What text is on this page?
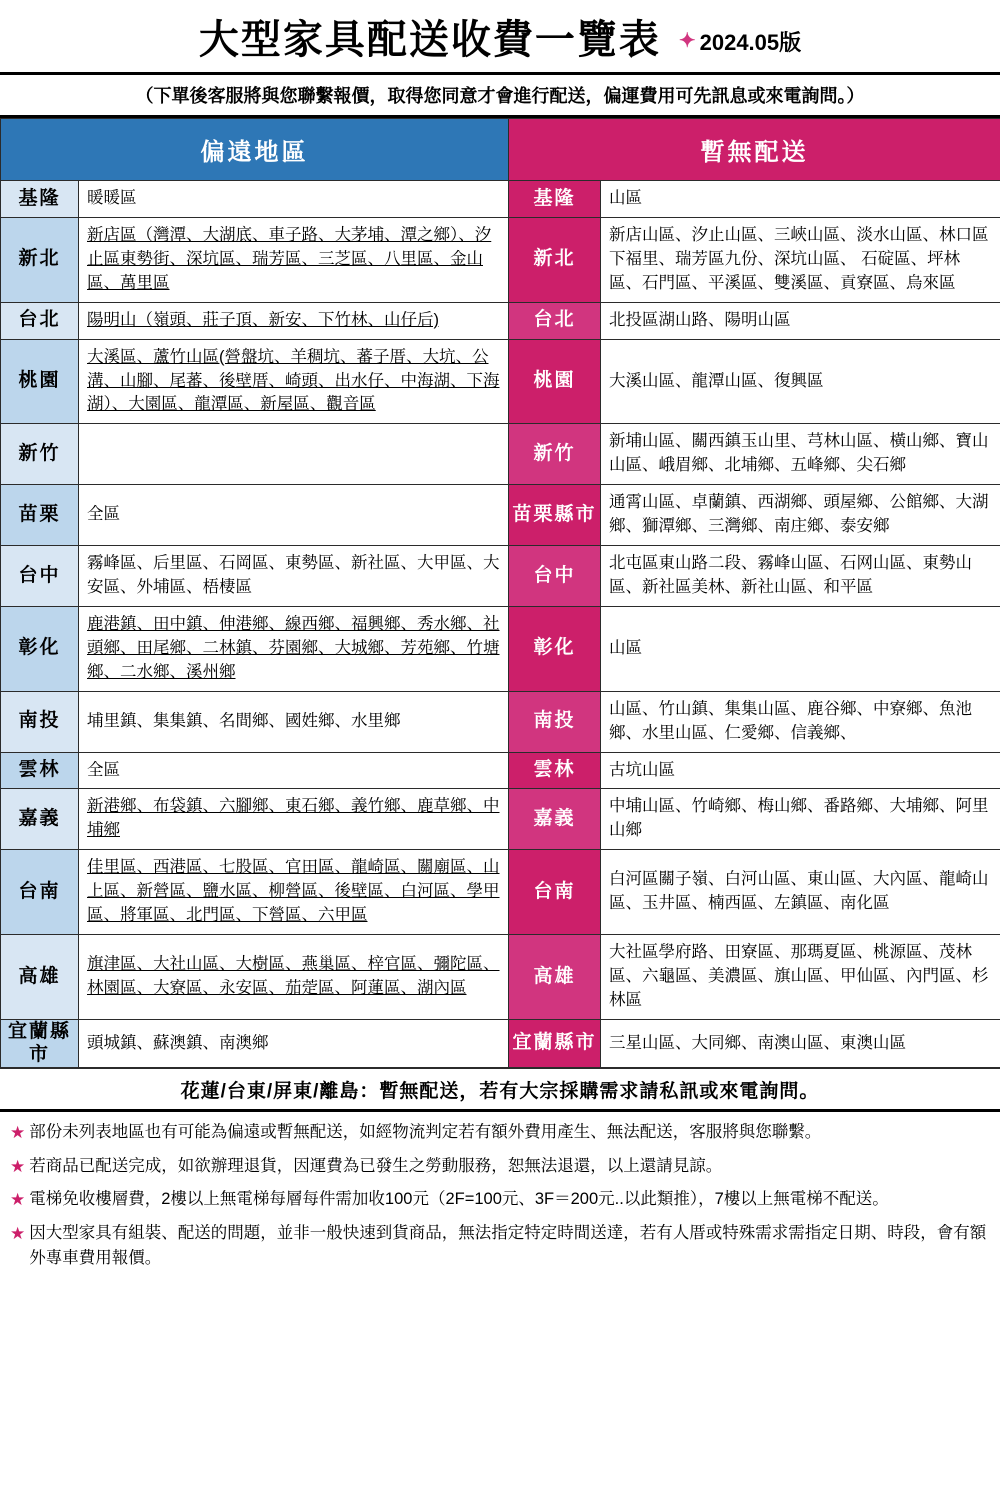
大型家具配送收費一覽表 ✦ 2024.05版
（下單後客服將與您聯繫報價，取得您同意才會進行配送，偏運費用可先訊息或來電詢問。）
偏遠地區		暫無配送	
基隆	暖暖區	基隆	山區
新北	新店區（灣潭、大湖底、車子路、大茅埔、潭之鄉）、汐止區東勢街、深坑區、瑞芳區、三芝區、八里區、金山區、萬里區	新北	新店山區、汐止山區、三峽山區、淡水山區、林口區下福里、瑞芳區九份、深坑山區、 石碇區、坪林區、石門區、平溪區、雙溪區、貢寮區、烏來區
台北	陽明山（嶺頭、莊子頂、新安、下竹林、山仔后)	台北	北投區湖山路、陽明山區
桃園	大溪區、蘆竹山區(營盤坑、羊稠坑、蕃子厝、大坑、公溝、山腳、尾蕃、後壁厝、崎頭、出水仔、中海湖、下海湖）、大園區、龍潭區、新屋區、觀音區	桃園	大溪山區、龍潭山區、復興區
新竹		新竹	新埔山區、關西鎮玉山里、芎林山區、橫山鄉、寶山山區、峨眉鄉、北埔鄉、五峰鄉、尖石鄉
苗栗	全區	苗栗縣市	通霄山區、卓蘭鎮、西湖鄉、頭屋鄉、公館鄉、大湖鄉、獅潭鄉、三灣鄉、南庄鄉、泰安鄉
台中	霧峰區、后里區、石岡區、東勢區、新社區、大甲區、大安區、外埔區、梧棲區	台中	北屯區東山路二段、霧峰山區、石网山區、東勢山區、新社區美林、新社山區、和平區
彰化	鹿港鎮、田中鎮、伸港鄉、線西鄉、福興鄉、秀水鄉、社頭鄉、田尾鄉、二林鎮、芬園鄉、大城鄉、芳苑鄉、竹塘鄉、二水鄉、溪州鄉	彰化	山區
南投	埔里鎮、集集鎮、名間鄉、國姓鄉、水里鄉	南投	山區、竹山鎮、集集山區、鹿谷鄉、中寮鄉、魚池鄉、水里山區、仁愛鄉、信義鄉、
雲林	全區	雲林	古坑山區
嘉義	新港鄉、布袋鎮、六腳鄉、東石鄉、義竹鄉、鹿草鄉、中埔鄉	嘉義	中埔山區、竹崎鄉、梅山鄉、番路鄉、大埔鄉、阿里山鄉
台南	佳里區、西港區、七股區、官田區、龍崎區、關廟區、山上區、新營區、鹽水區、柳營區、後壁區、白河區、學甲區、將軍區、北門區、下營區、六甲區	台南	白河區關子嶺、白河山區、東山區、大內區、龍崎山區、玉井區、楠西區、左鎮區、南化區
高雄	旗津區、大社山區、大樹區、燕巢區、梓官區、彌陀區、 林園區、大寮區、永安區、茄萣區、阿蓮區、湖內區	高雄	大社區學府路、田寮區、那瑪夏區、桃源區、茂林區、六龜區、美濃區、旗山區、甲仙區、內門區、杉林區
宜蘭縣市	頭城鎮、蘇澳鎮、南澳鄉	宜蘭縣市	三星山區、大同鄉、南澳山區、東澳山區
花蓮/台東/屏東/離島：暫無配送，若有大宗採購需求請私訊或來電詢問。
★ 部份未列表地區也有可能為偏遠或暫無配送，如經物流判定若有額外費用產生、無法配送，客服將與您聯繫。
★ 若商品已配送完成，如欲辦理退貨，因運費為已發生之勞動服務，恕無法退還，以上還請見諒。
★ 電梯免收樓層費，2樓以上無電梯每層每件需加收100元（2F=100元、3F＝200元..以此類推），7樓以上無電梯不配送。
★ 因大型家具有組裝、配送的問題，並非一般快速到貨商品，無法指定特定時間送達，若有人厝或特殊需求需指定日期、時段，會有額外專車費用報價。
